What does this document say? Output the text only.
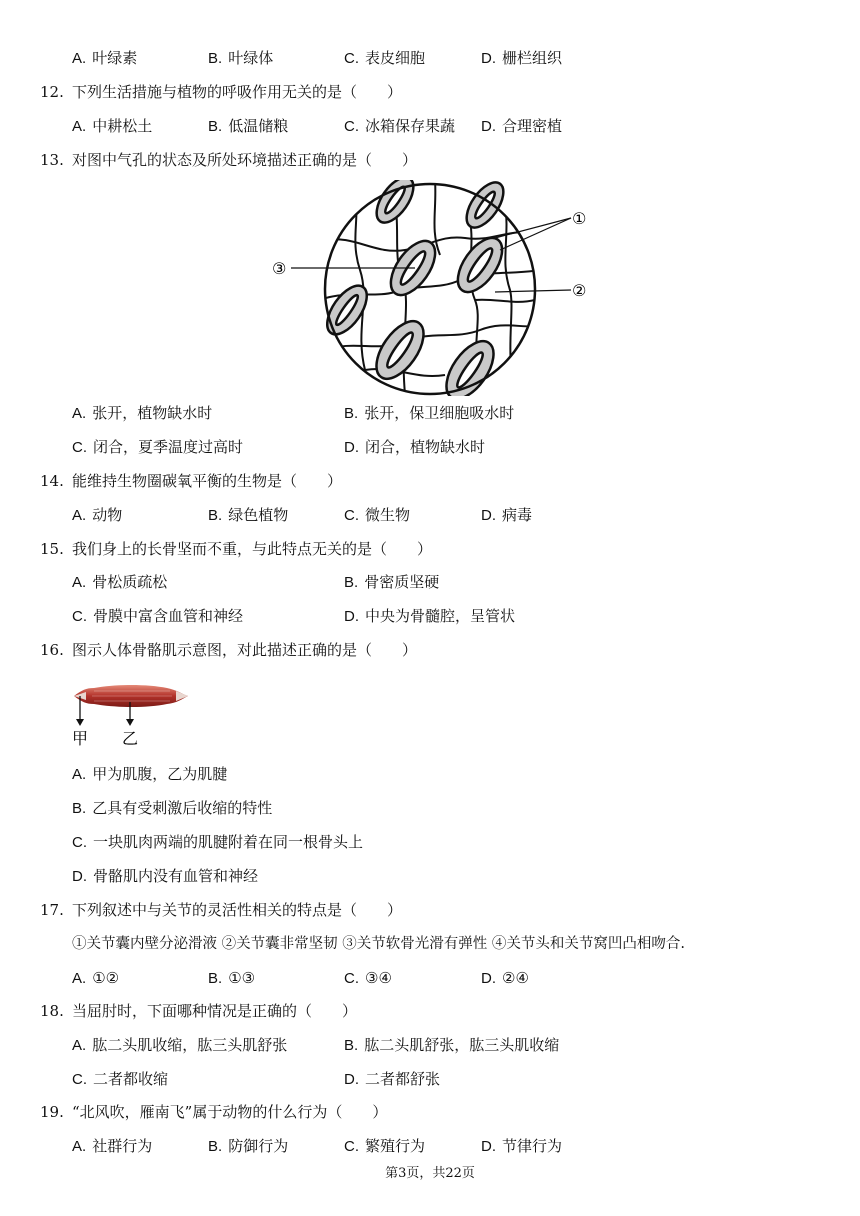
A. 叶绿素	B. 叶绿体	C. 表皮细胞	D. 栅栏组织
12. 下列生活措施与植物的呼吸作用无关的是（　　）
A. 中耕松土	B. 低温储粮	C. 冰箱保存果蔬 D. 合理密植
13. 对图中气孔的状态及所处环境描述正确的是（　　）
①
②
③
A. 张开，植物缺水时	B. 张开，保卫细胞吸水时
C. 闭合，夏季温度过高时	D. 闭合，植物缺水时
14. 能维持生物圈碳氧平衡的生物是（　　）
A. 动物	B. 绿色植物	C. 微生物	D. 病毒
15. 我们身上的长骨坚而不重，与此特点无关的是（　　）
A. 骨松质疏松	B. 骨密质坚硬
C. 骨膜中富含血管和神经	D. 中央为骨髓腔，呈管状
16. 图示人体骨骼肌示意图，对此描述正确的是（　　）
甲 乙
A. 甲为肌腹，乙为肌腱
B. 乙具有受刺激后收缩的特性
C. 一块肌肉两端的肌腱附着在同一根骨头上
D. 骨骼肌内没有血管和神经
17. 下列叙述中与关节的灵活性相关的特点是（　　）
①关节囊内壁分泌滑液 ②关节囊非常坚韧 ③关节软骨光滑有弹性 ④关节头和关节窝凹凸相吻合.
A. ①②	B. ①③	C. ③④	D. ②④
18. 当屈肘时，下面哪种情况是正确的（　　）
A. 肱二头肌收缩，肱三头肌舒张	B. 肱二头肌舒张，肱三头肌收缩
C. 二者都收缩	D. 二者都舒张
19. “北风吹，雁南飞”属于动物的什么行为（　　）
A. 社群行为	B. 防御行为	C. 繁殖行为	D. 节律行为
第3页，共22页
